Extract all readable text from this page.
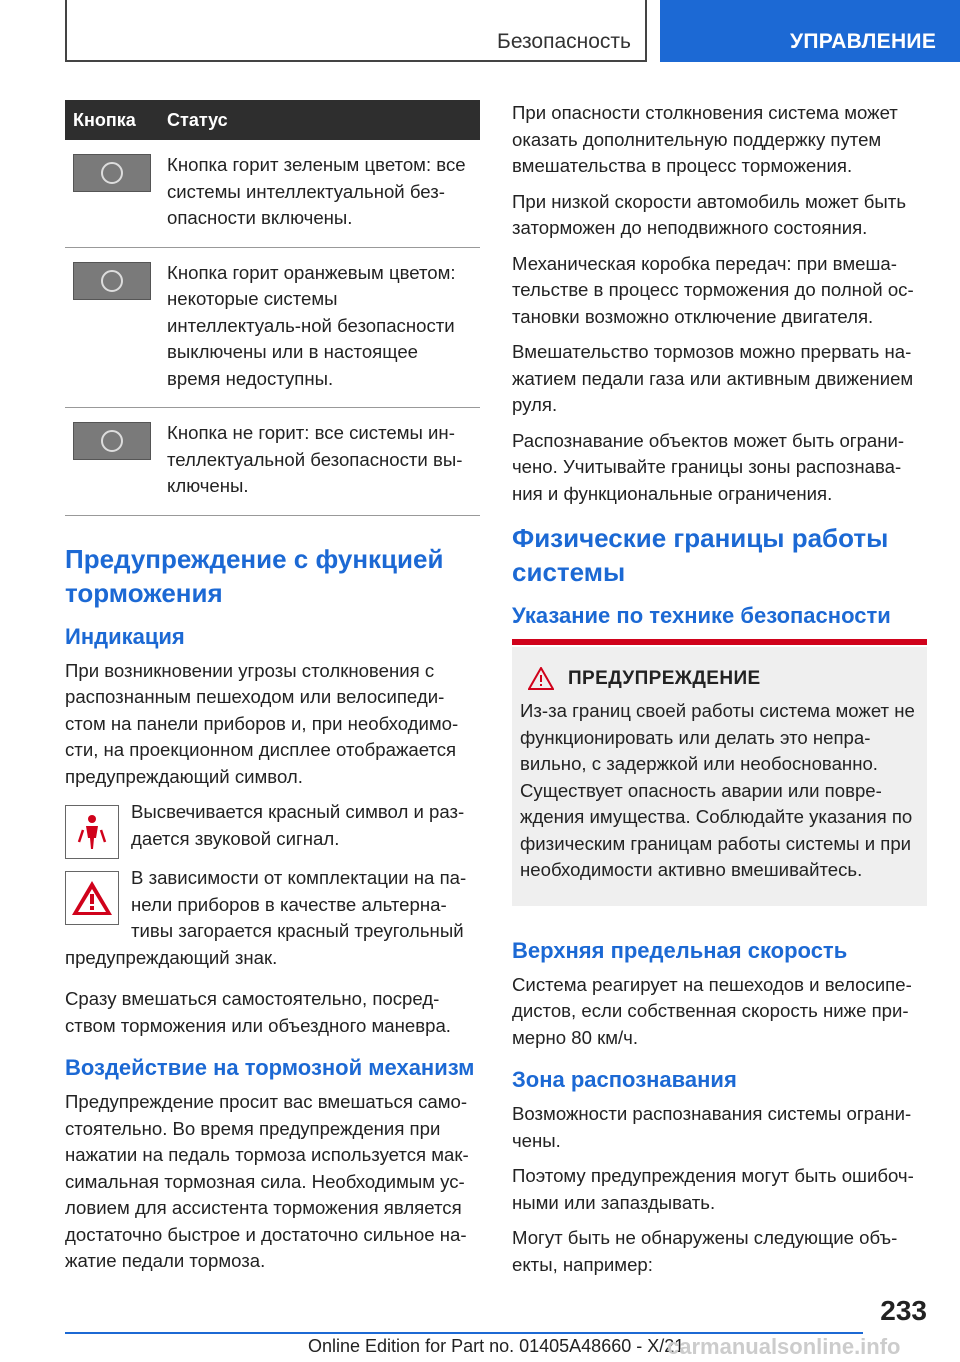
Безопасность	УПРАВЛЕНИЕ
Кнопка	Статус

	Кнопка горит зеленым цветом: все системы интеллектуальной без-опасности включены.

	Кнопка горит оранжевым цветом: некоторые системы интеллектуаль-ной безопасности выключены или в настоящее время недоступны.

	Кнопка не горит: все системы ин-теллектуальной безопасности вы-ключены.
Предупреждение с функцией торможения
Индикация

При возникновении угрозы столкновения с распознанным пешеходом или велосипеди-стом на панели приборов и, при необходимо-сти, на проекционном дисплее отображается предупреждающий символ.

Высвечивается красный символ и раз-дается звуковой сигнал.

В зависимости от комплектации на па-нели приборов в качестве альтерна-тивы загорается красный треугольный предупреждающий знак.

Сразу вмешаться самостоятельно, посред-ством торможения или объездного маневра.

Воздействие на тормозной механизм

Предупреждение просит вас вмешаться само-стоятельно. Во время предупреждения при нажатии на педаль тормоза используется мак-симальная тормозная сила. Необходимым ус-ловием для ассистента торможения является достаточно быстрое и достаточно сильное на-жатие педали тормоза.

При опасности столкновения система может оказать дополнительную поддержку путем вмешательства в процесс торможения.

При низкой скорости автомобиль может быть заторможен до неподвижного состояния.

Механическая коробка передач: при вмеша-тельстве в процесс торможения до полной ос-тановки возможно отключение двигателя.

Вмешательство тормозов можно прервать на-жатием педали газа или активным движением руля.

Распознавание объектов может быть ограни-чено. Учитывайте границы зоны распознава-ния и функциональные ограничения.

Физические границы работы системы
Указание по технике безопасности
ПРЕДУПРЕЖДЕНИЕ

Из-за границ своей работы система может не функционировать или делать это непра-вильно, с задержкой или необоснованно. Существует опасность аварии или повре-ждения имущества. Соблюдайте указания по физическим границам работы системы и при необходимости активно вмешивайтесь.

Верхняя предельная скорость

Система реагирует на пешеходов и велосипе-дистов, если собственная скорость ниже при-мерно 80 км/ч.

Зона распознавания

Возможности распознавания системы ограни-чены.

Поэтому предупреждения могут быть ошибоч-ными или запаздывать.

Могут быть не обнаружены следующие объ-екты, например:

233
Online Edition for Part no. 01405A48660 - X/21
carmanualsonline.info
